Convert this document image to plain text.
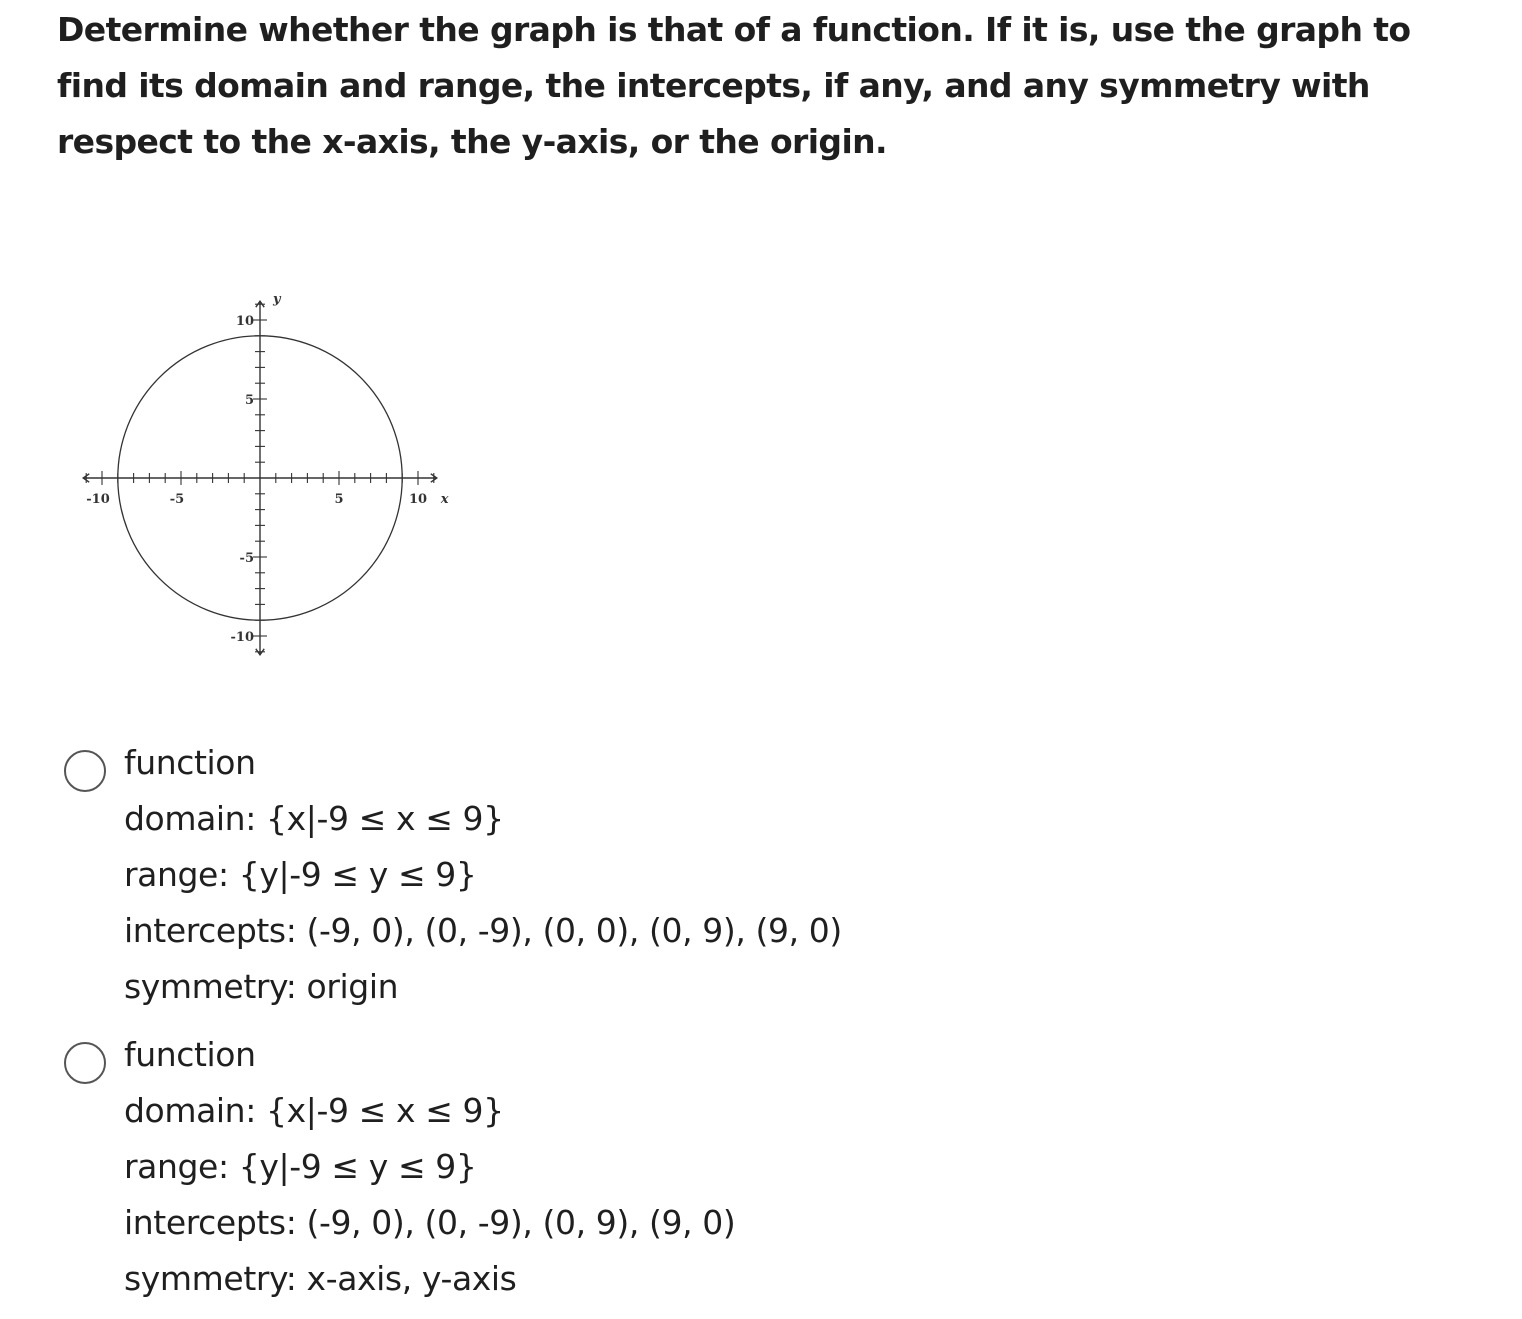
Determine whether the graph is that of a function. If it is, use the graph to find its domain and range, the intercepts, if any, and any symmetry with respect to the x-axis, the y-axis, or the origin.

-10	-5	5	10
10
5
-5
-10
x
y
function
domain: {x|-9 ≤ x ≤ 9}
range: {y|-9 ≤ y ≤ 9}
intercepts: (-9, 0), (0, -9), (0, 0), (0, 9), (9, 0)
symmetry: origin
function
domain: {x|-9 ≤ x ≤ 9}
range: {y|-9 ≤ y ≤ 9}
intercepts: (-9, 0), (0, -9), (0, 9), (9, 0)
symmetry: x-axis, y-axis
